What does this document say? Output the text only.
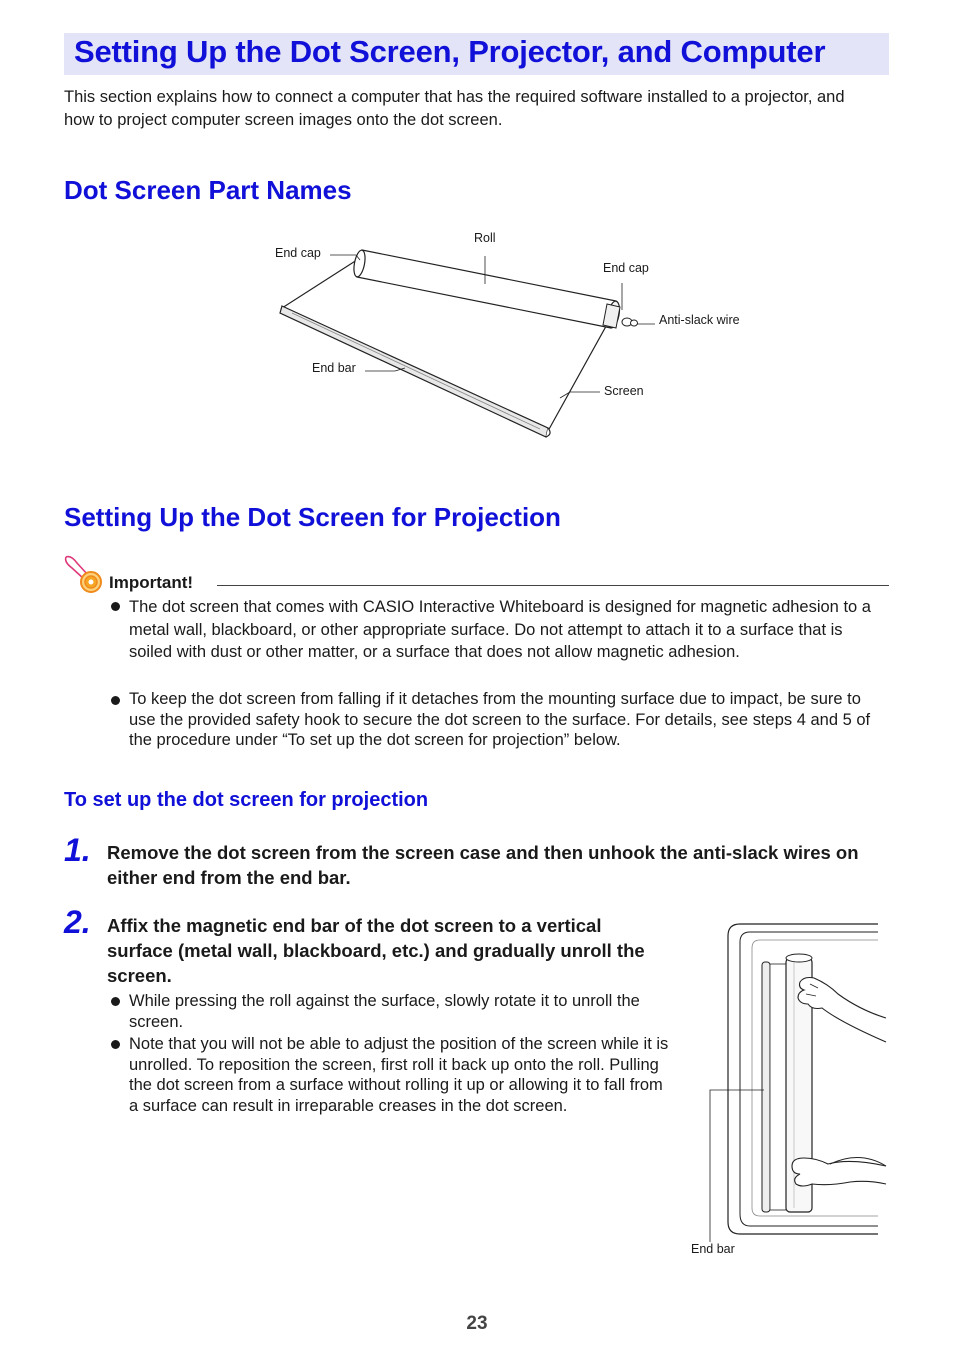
Setting Up the Dot Screen, Projector, and Computer
This section explains how to connect a computer that has the required software installed to a projector, and how to project computer screen images onto the dot screen.
Dot Screen Part Names
Roll
End cap
End cap
Anti-slack wire
End bar
Screen
Setting Up the Dot Screen for Projection
Important!
The dot screen that comes with CASIO Interactive Whiteboard is designed for magnetic adhesion to a metal wall, blackboard, or other appropriate surface. Do not attempt to attach it to a surface that is soiled with dust or other matter, or a surface that does not allow magnetic adhesion.
To keep the dot screen from falling if it detaches from the mounting surface due to impact, be sure to use the provided safety hook to secure the dot screen to the surface. For details, see steps 4 and 5 of the procedure under “To set up the dot screen for projection” below.
To set up the dot screen for projection
1. Remove the dot screen from the screen case and then unhook the anti-slack wires on either end from the end bar.
2. Affix the magnetic end bar of the dot screen to a vertical surface (metal wall, blackboard, etc.) and gradually unroll the screen.
While pressing the roll against the surface, slowly rotate it to unroll the screen.
Note that you will not be able to adjust the position of the screen while it is unrolled. To reposition the screen, first roll it back up onto the roll. Pulling the dot screen from a surface without rolling it up or allowing it to fall from a surface can result in irreparable creases in the dot screen.
End bar
23
